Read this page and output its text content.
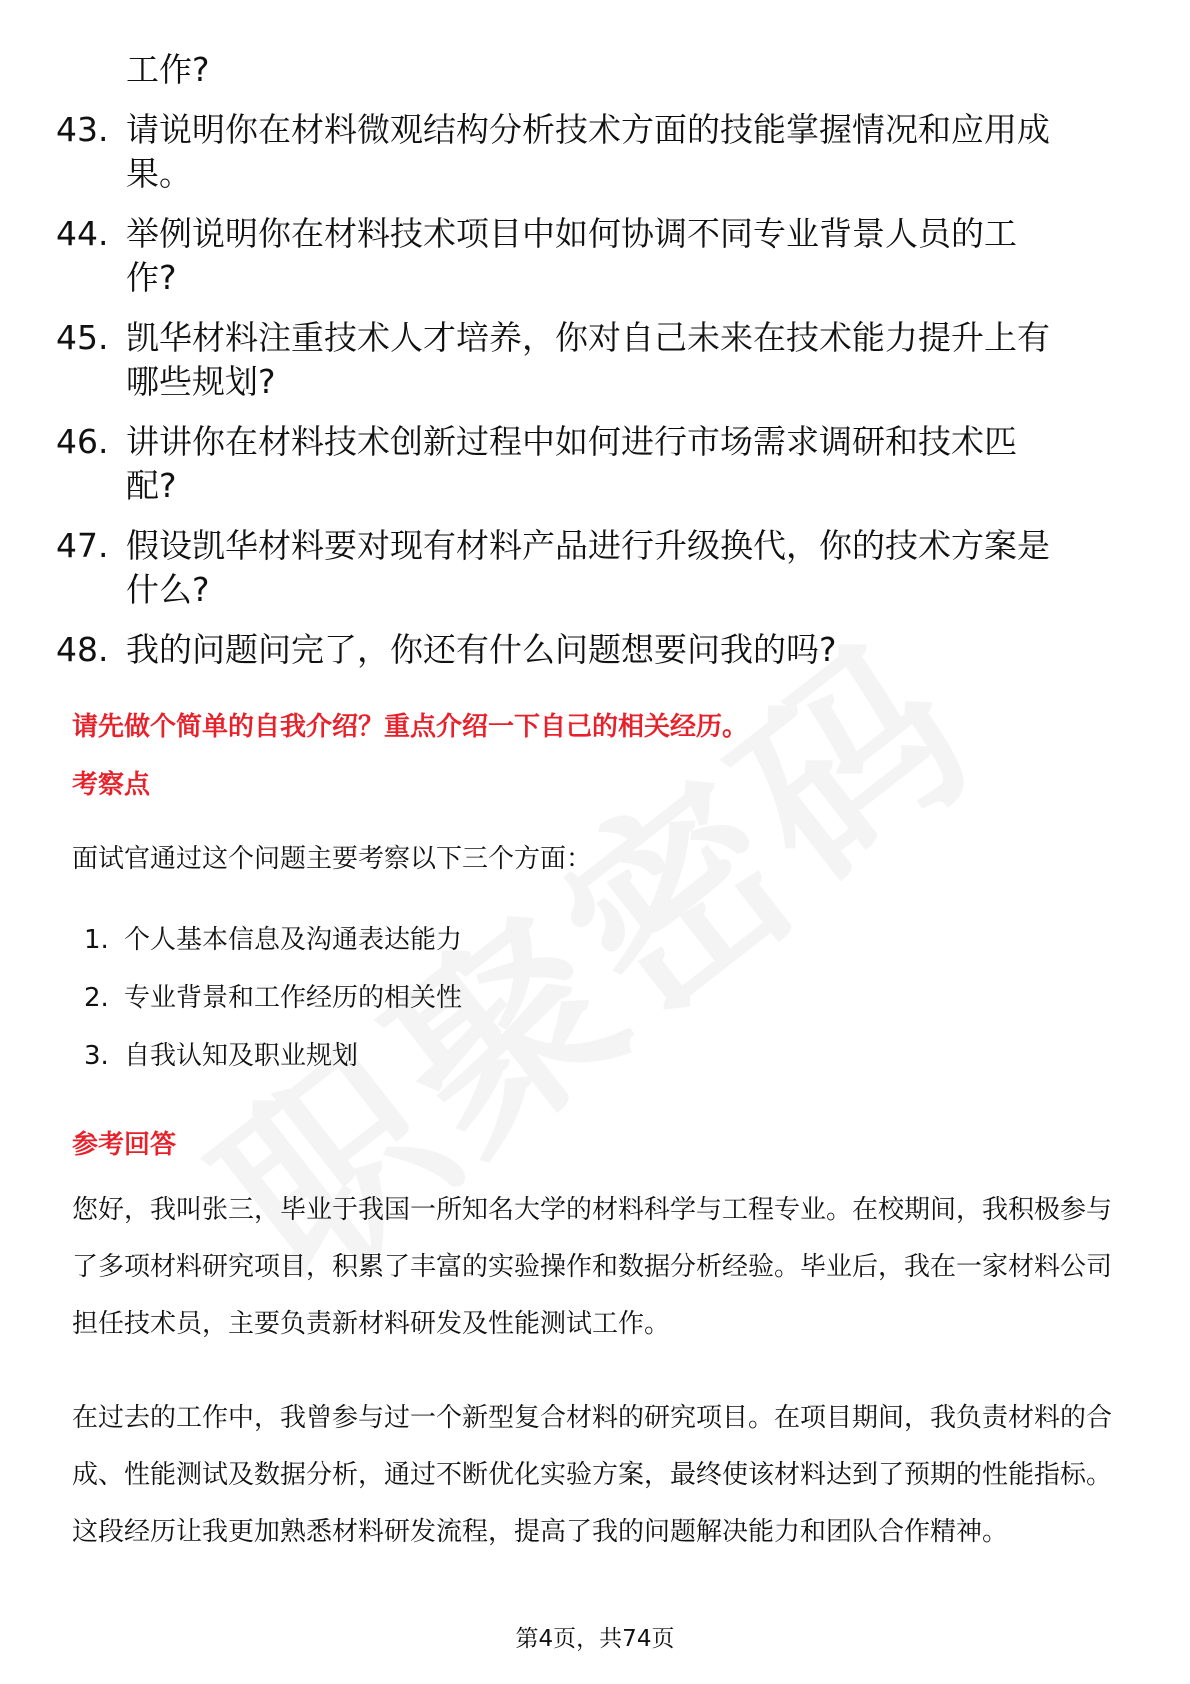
工作?
43. 请说明你在材料微观结构分析技术方面的技能掌握情况和应用成
果。
44. 举例说明你在材料技术项目中如何协调不同专业背景人员的工
作?
45. 凯华材料注重技术人才培养，你对自己未来在技术能力提升上有
哪些规划?
46. 讲讲你在材料技术创新过程中如何进行市场需求调研和技术匹
配?
47. 假设凯华材料要对现有材料产品进行升级换代，你的技术方案是
什么?
48. 我的问题问完了，你还有什么问题想要问我的吗?
请先做个简单的自我介绍？重点介绍一下自己的相关经历。
考察点
面试官通过这个问题主要考察以下三个方面：
1. 个人基本信息及沟通表达能力
2. 专业背景和工作经历的相关性
3. 自我认知及职业规划
参考回答

您好，我叫张三，毕业于我国一所知名大学的材料科学与工程专业。在校期间，我积极参与了多项材料研究项目，积累了丰富的实验操作和数据分析经验。毕业后，我在一家材料公司担任技术员，主要负责新材料研发及性能测试工作。

在过去的工作中，我曾参与过一个新型复合材料的研究项目。在项目期间，我负责材料的合成、性能测试及数据分析，通过不断优化实验方案，最终使该材料达到了预期的性能指标。这段经历让我更加熟悉材料研发流程，提高了我的问题解决能力和团队合作精神。

第4页，共74页
